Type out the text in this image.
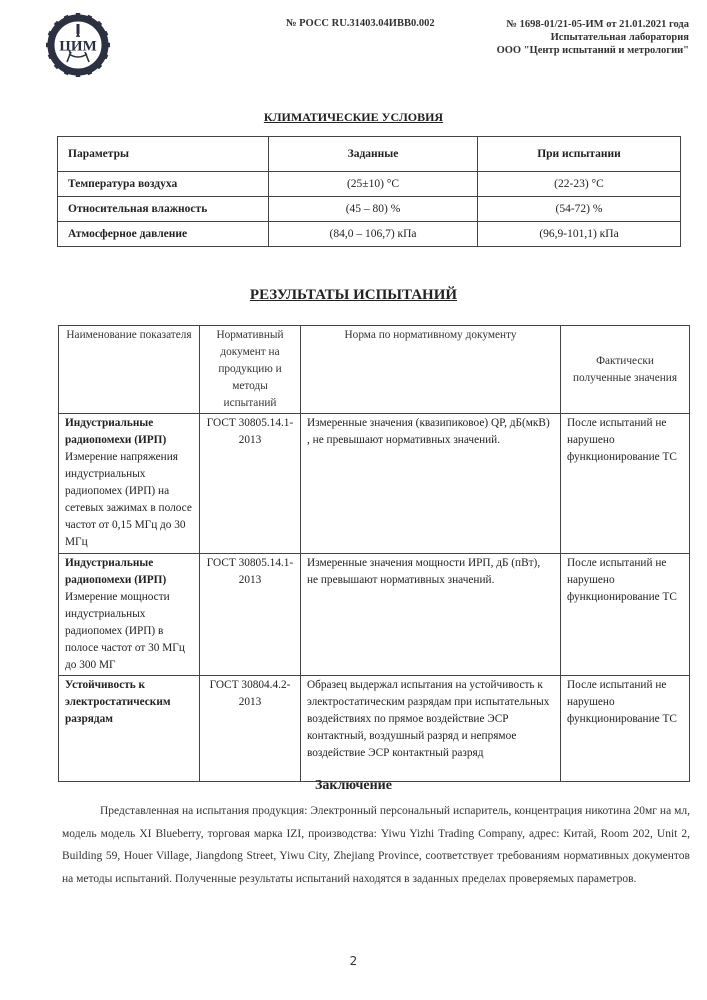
ЦИМ
№ РОСС RU.31403.04ИВВ0.002	№ 1698-01/21-05-ИМ от 21.01.2021 года
Испытательная лаборатория
ООО "Центр испытаний и метрологии"
КЛИМАТИЧЕСКИЕ УСЛОВИЯ
Параметры	Заданные	При испытании
Температура воздуха	(25±10) °С	(22-23) °С
Относительная влажность	(45 – 80) %	(54-72) %
Атмосферное давление	(84,0 – 106,7) кПа	(96,9-101,1) кПа
РЕЗУЛЬТАТЫ ИСПЫТАНИЙ
Наименование показателя	Нормативный документ на продукцию и методы испытаний	Норма по нормативному документу	Фактически полученные значения

Индустриальные радиопомехи (ИРП)
Измерение напряжения индустриальных радиопомех (ИРП) на сетевых зажимах в полосе частот от 0,15 МГц до 30 МГц	ГОСТ 30805.14.1-2013	Измеренные значения (квазипиковое) QP, дБ(мкВ) , не превышают нормативных значений.	После испытаний не нарушено функционирование ТС

Индустриальные радиопомехи (ИРП)
Измерение мощности индустриальных радиопомех (ИРП) в полосе частот от 30 МГц до 300 МГ	ГОСТ 30805.14.1-2013	Измеренные значения мощности ИРП, дБ (пВт), не превышают нормативных значений.	После испытаний не нарушено функционирование ТС

Устойчивость к электростатическим разрядам	ГОСТ 30804.4.2-2013	Образец выдержал испытания на устойчивость к электростатическим разрядам при испытательных воздействиях по прямое воздействие ЭСР контактный, воздушный разряд и непрямое воздействие ЭСР контактный разряд	После испытаний не нарушено функционирование ТС
Заключение

Представленная на испытания продукция: Электронный персональный испаритель, концентрация никотина 20мг на мл, модель модель XI Blueberry, торговая марка IZI, производства: Yiwu Yizhi Trading Company, адрес: Китай, Room 202, Unit 2, Building 59, Houer Village, Jiangdong Street, Yiwu City, Zhejiang Province, соответствует требованиям нормативных документов на методы испытаний. Полученные результаты испытаний находятся в заданных пределах проверяемых параметров.

2
